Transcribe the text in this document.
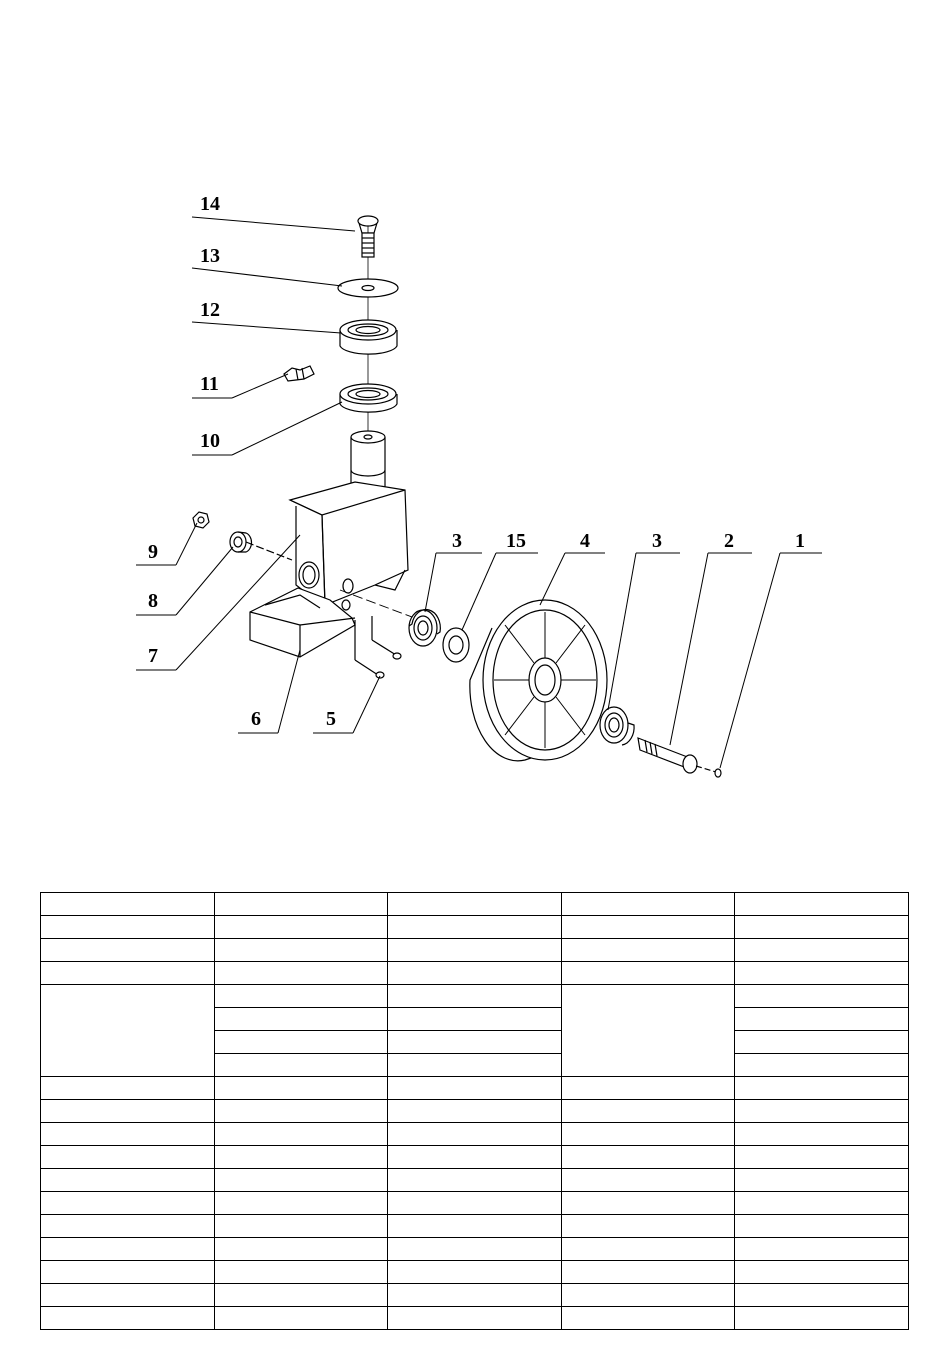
14
13
12
11
10
9
8
7
6	5
3 15	4	3	2	1
